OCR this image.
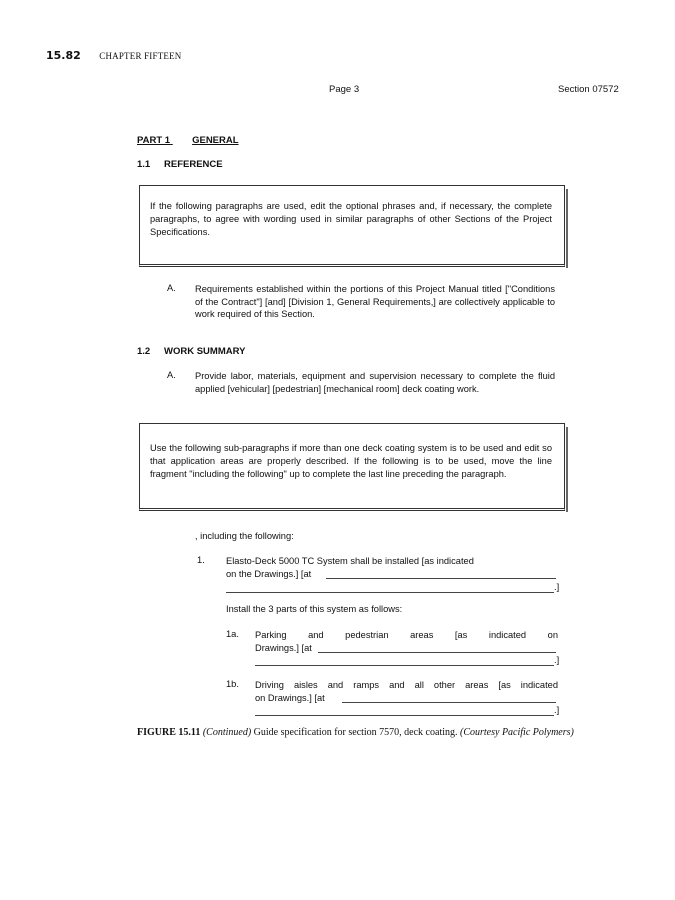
15.82 CHAPTER FIFTEEN
Page 3	Section 07572
PART 1 GENERAL
1.1 REFERENCE
If the following paragraphs are used, edit the optional phrases and, if necessary, the complete paragraphs, to agree with wording used in similar paragraphs of other Sections of the Project Specifications.
A. Requirements established within the portions of this Project Manual titled ["Conditions of the Contract"] [and] [Division 1, General Requirements,] are collectively applicable to work required of this Section.
1.2 WORK SUMMARY
A. Provide labor, materials, equipment and supervision necessary to complete the fluid applied [vehicular] [pedestrian] [mechanical room] deck coating work.
Use the following sub-paragraphs if more than one deck coating system is to be used and edit so that application areas are properly described. If the following is to be used, move the line fragment "including the following" up to complete the last line preceding the paragraph.
, including the following:
1. Elasto-Deck 5000 TC System shall be installed [as indicated
on the Drawings.] [at
.]
Install the 3 parts of this system as follows:
1a. Parking and pedestrian areas [as indicated on
Drawings.] [at
.]
1b. Driving aisles and ramps and all other areas [as indicated
on Drawings.] [at
.]
FIGURE 15.11 (Continued) Guide specification for section 7570, deck coating. (Courtesy Pacific Polymers)
